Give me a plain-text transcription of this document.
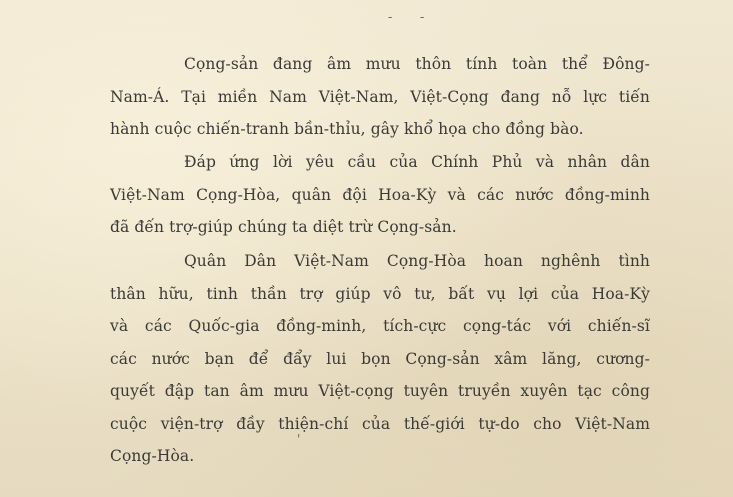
- -
Cọng-sản đang âm mưu thôn tính toàn thể Đông-
Nam-Á. Tại miền Nam Việt-Nam, Việt-Cọng đang nỗ lực tiến
hành cuộc chiến-tranh bần-thỉu, gây khổ họa cho đồng bào.
Đáp ứng lời yêu cầu của Chính Phủ và nhân dân
Việt-Nam Cọng-Hòa, quân đội Hoa-Kỳ và các nước đồng-minh
đã đến trợ-giúp chúng ta diệt trừ Cọng-sản.
Quân Dân Việt-Nam Cọng-Hòa hoan nghênh tình
thân hữu, tinh thần trợ giúp vô tư, bất vụ lợi của Hoa-Kỳ
và các Quốc-gia đồng-minh, tích-cực cọng-tác với chiến-sĩ
các nước bạn để đẩy lui bọn Cọng-sản xâm lăng, cương-
quyết đập tan âm mưu Việt-cọng tuyên truyền xuyên tạc công
cuộc viện-trợ đầy thiện-chí của thế-giới tự-do cho Việt-Nam
Cọng-Hòa.
'
